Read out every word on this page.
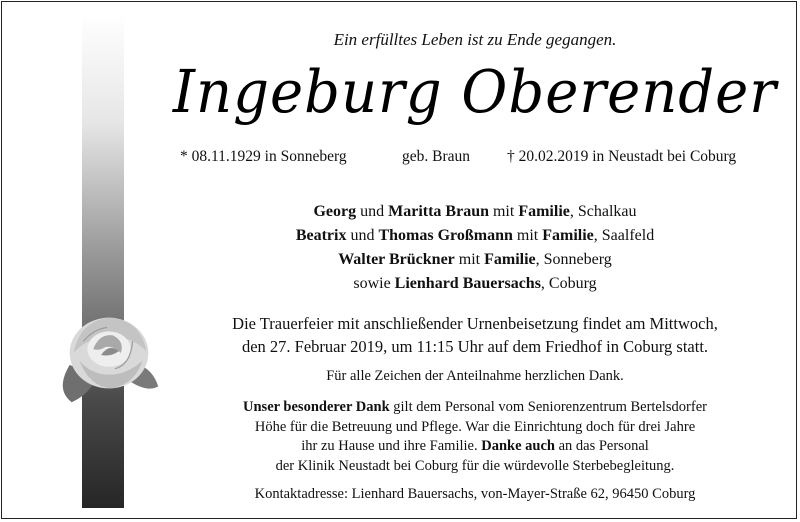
Ein erfülltes Leben ist zu Ende gegangen.
Ingeburg Oberender
* 08.11.1929 in Sonneberg	geb. Braun † 20.02.2019 in Neustadt bei Coburg
Georg und Maritta Braun mit Familie, Schalkau
Beatrix und Thomas Großmann mit Familie, Saalfeld
Walter Brückner mit Familie, Sonneberg
sowie Lienhard Bauersachs, Coburg
Die Trauerfeier mit anschließender Urnenbeisetzung findet am Mittwoch,
den 27. Februar 2019, um 11:15 Uhr auf dem Friedhof in Coburg statt.
Für alle Zeichen der Anteilnahme herzlichen Dank.
Unser besonderer Dank gilt dem Personal vom Seniorenzentrum Bertelsdorfer
Höhe für die Betreuung und Pflege. War die Einrichtung doch für drei Jahre
ihr zu Hause und ihre Familie. Danke auch an das Personal
der Klinik Neustadt bei Coburg für die würdevolle Sterbebegleitung.
Kontaktadresse: Lienhard Bauersachs, von-Mayer-Straße 62, 96450 Coburg
